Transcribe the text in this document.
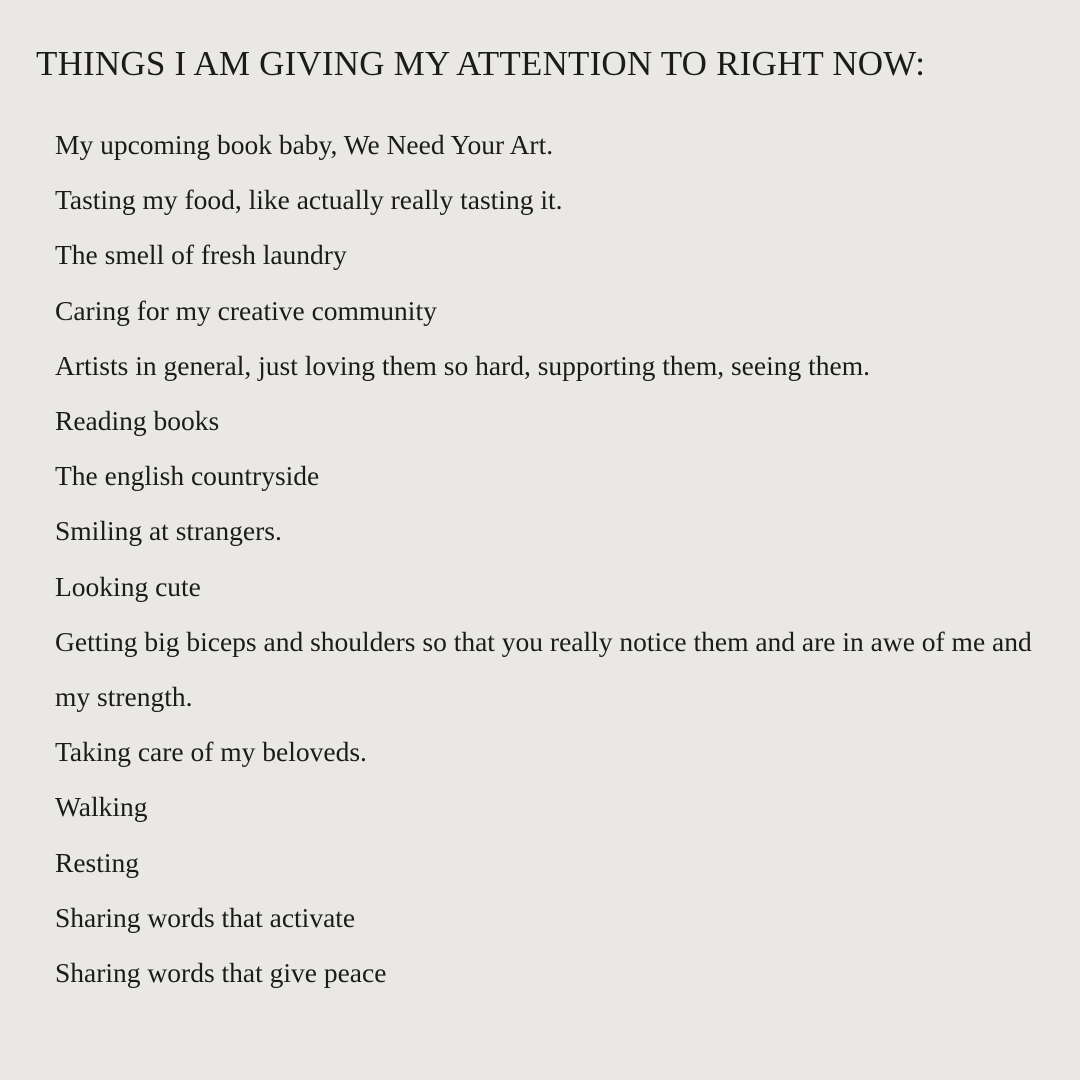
THINGS I AM GIVING MY ATTENTION TO RIGHT NOW:
My upcoming book baby, We Need Your Art.
Tasting my food, like actually really tasting it.
The smell of fresh laundry
Caring for my creative community
Artists in general, just loving them so hard, supporting them, seeing them.
Reading books
The english countryside
Smiling at strangers.
Looking cute
Getting big biceps and shoulders so that you really notice them and are in awe of me and my strength.
Taking care of my beloveds.
Walking
Resting
Sharing words that activate
Sharing words that give peace
